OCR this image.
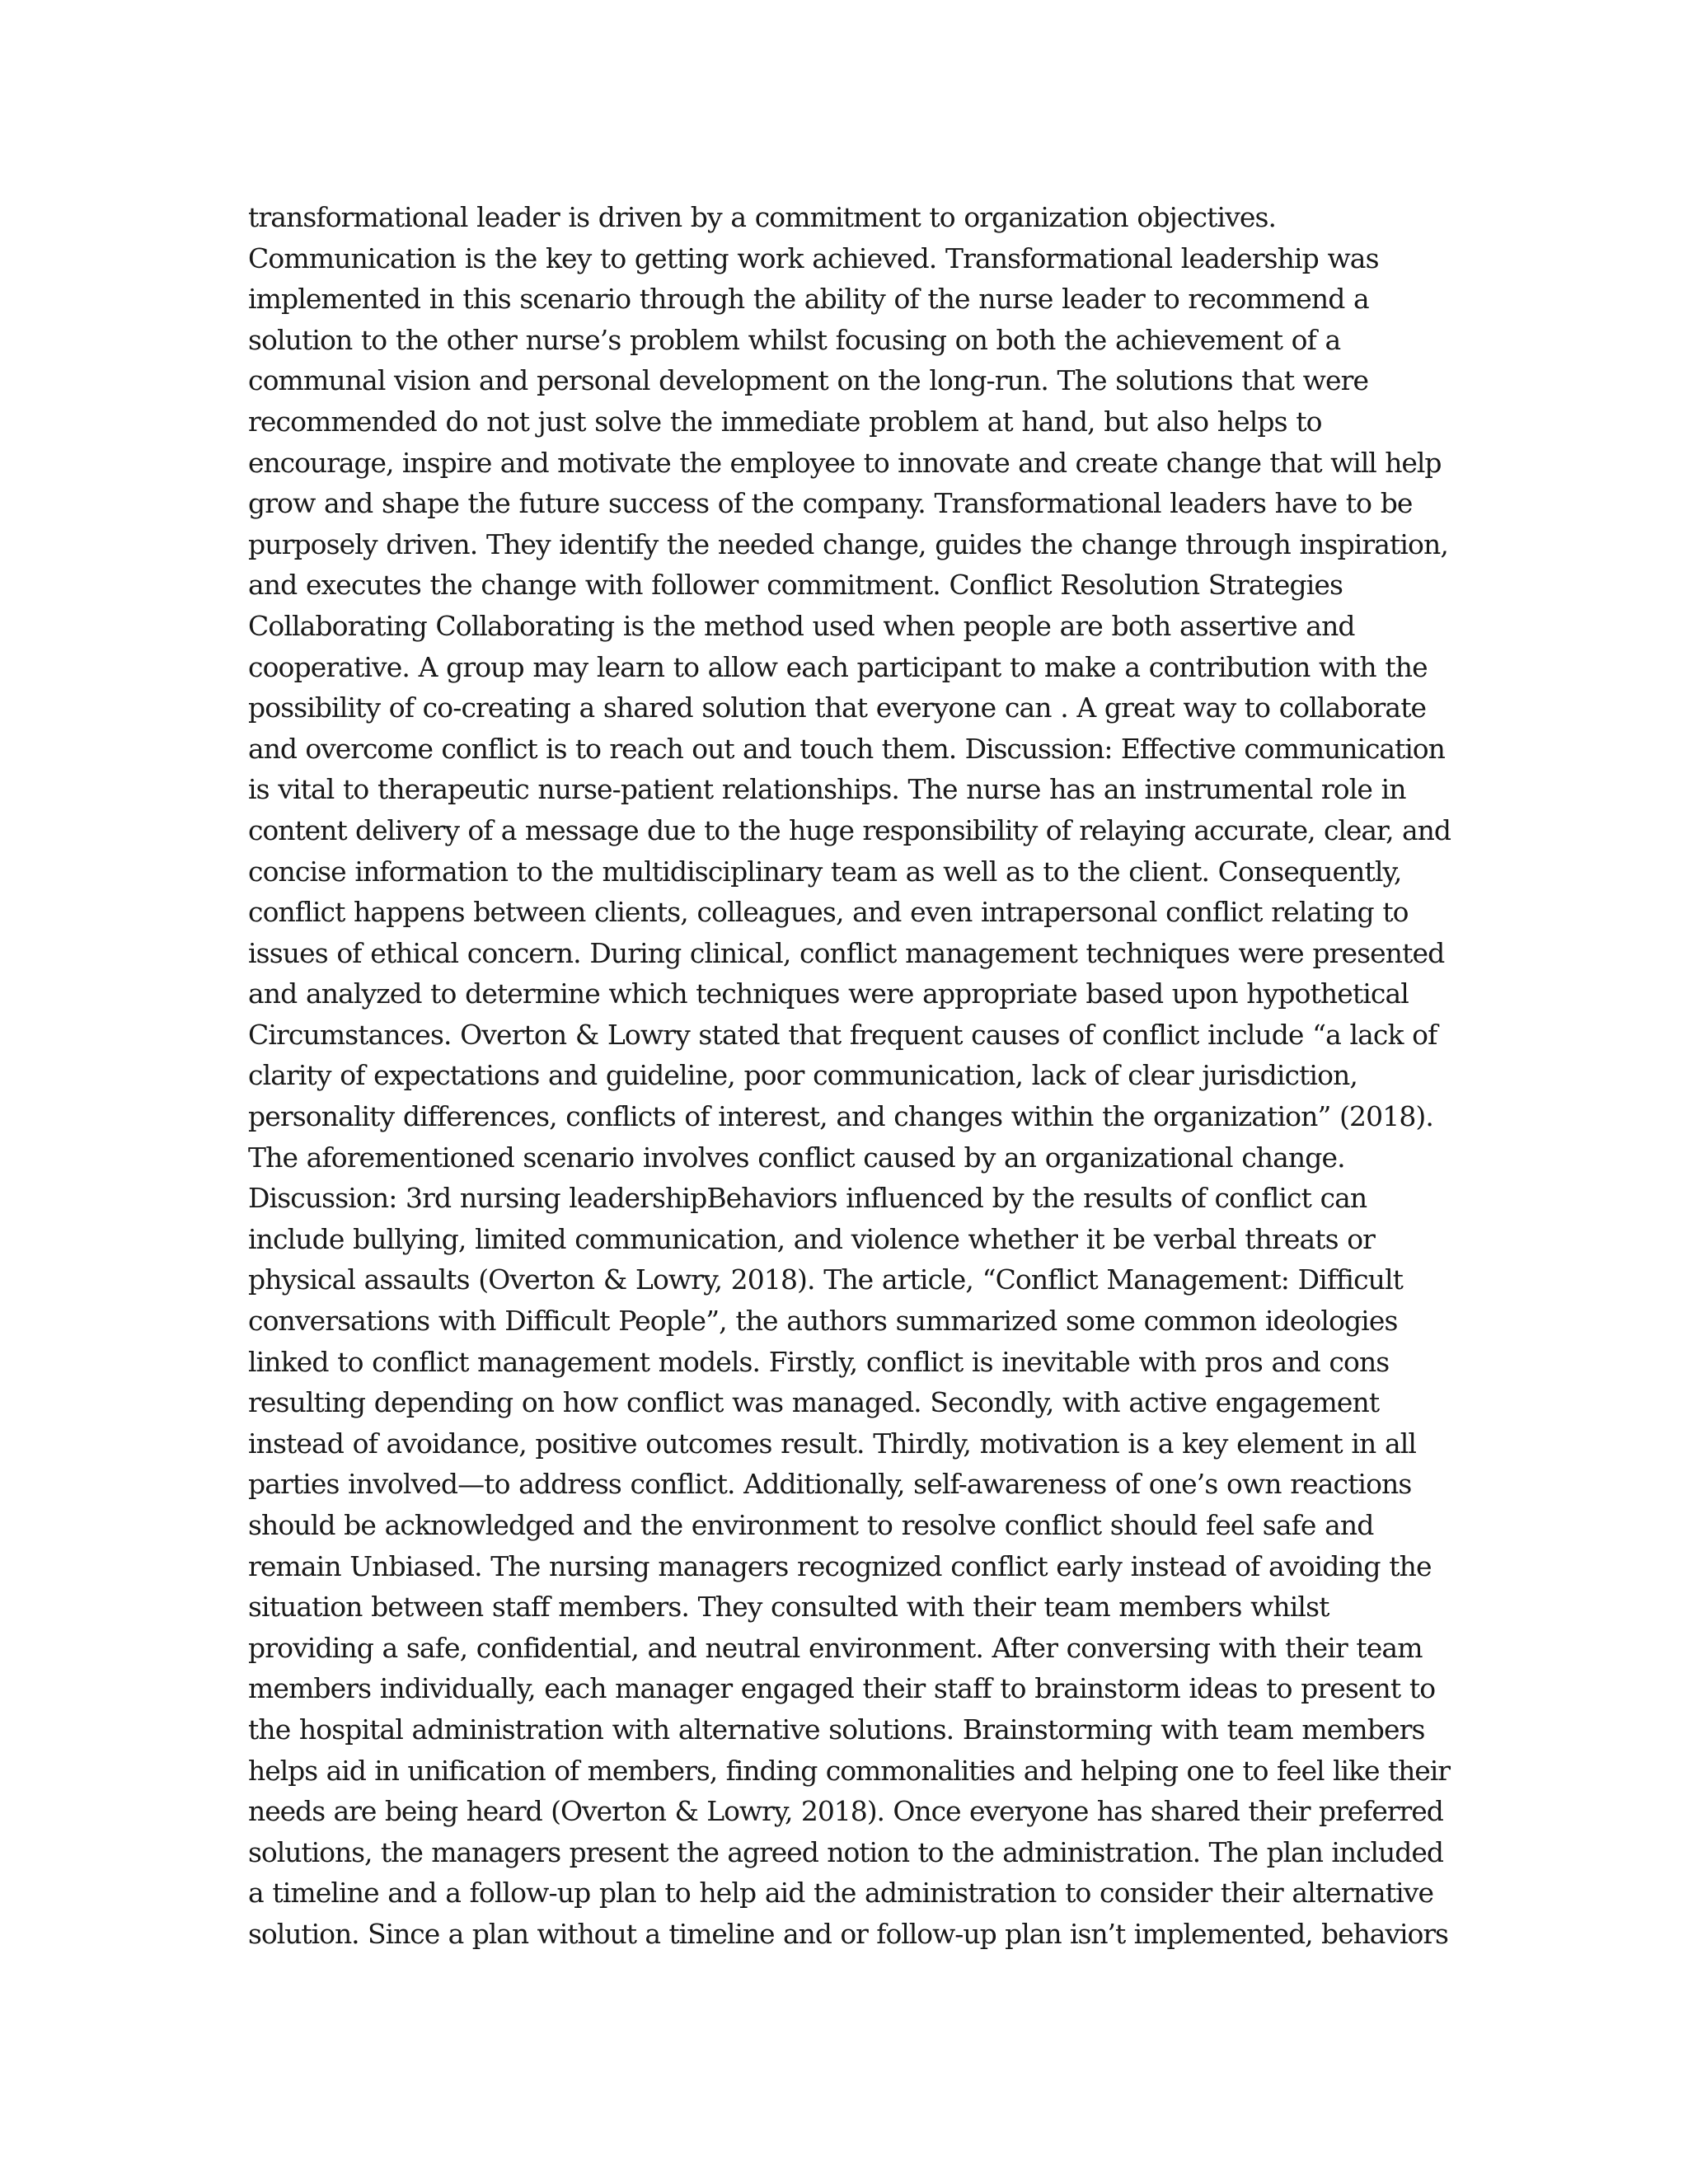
transformational leader is driven by a commitment to organization objectives.
Communication is the key to getting work achieved. Transformational leadership was
implemented in this scenario through the ability of the nurse leader to recommend a
solution to the other nurse’s problem whilst focusing on both the achievement of a
communal vision and personal development on the long-run. The solutions that were
recommended do not just solve the immediate problem at hand, but also helps to
encourage, inspire and motivate the employee to innovate and create change that will help
grow and shape the future success of the company. Transformational leaders have to be
purposely driven. They identify the needed change, guides the change through inspiration,
and executes the change with follower commitment. Conflict Resolution Strategies
Collaborating Collaborating is the method used when people are both assertive and
cooperative. A group may learn to allow each participant to make a contribution with the
possibility of co-creating a shared solution that everyone can . A great way to collaborate
and overcome conflict is to reach out and touch them. Discussion: Effective communication
is vital to therapeutic nurse-patient relationships. The nurse has an instrumental role in
content delivery of a message due to the huge responsibility of relaying accurate, clear, and
concise information to the multidisciplinary team as well as to the client. Consequently,
conflict happens between clients, colleagues, and even intrapersonal conflict relating to
issues of ethical concern. During clinical, conflict management techniques were presented
and analyzed to determine which techniques were appropriate based upon hypothetical
Circumstances. Overton & Lowry stated that frequent causes of conflict include “a lack of
clarity of expectations and guideline, poor communication, lack of clear jurisdiction,
personality differences, conflicts of interest, and changes within the organization” (2018).
The aforementioned scenario involves conflict caused by an organizational change.
Discussion: 3rd nursing leadershipBehaviors influenced by the results of conflict can
include bullying, limited communication, and violence whether it be verbal threats or
physical assaults (Overton & Lowry, 2018). The article, “Conflict Management: Difficult
conversations with Difficult People”, the authors summarized some common ideologies
linked to conflict management models. Firstly, conflict is inevitable with pros and cons
resulting depending on how conflict was managed. Secondly, with active engagement
instead of avoidance, positive outcomes result. Thirdly, motivation is a key element in all
parties involved—to address conflict. Additionally, self-awareness of one’s own reactions
should be acknowledged and the environment to resolve conflict should feel safe and
remain Unbiased. The nursing managers recognized conflict early instead of avoiding the
situation between staff members. They consulted with their team members whilst
providing a safe, confidential, and neutral environment. After conversing with their team
members individually, each manager engaged their staff to brainstorm ideas to present to
the hospital administration with alternative solutions. Brainstorming with team members
helps aid in unification of members, finding commonalities and helping one to feel like their
needs are being heard (Overton & Lowry, 2018). Once everyone has shared their preferred
solutions, the managers present the agreed notion to the administration. The plan included
a timeline and a follow-up plan to help aid the administration to consider their alternative
solution. Since a plan without a timeline and or follow-up plan isn’t implemented, behaviors
